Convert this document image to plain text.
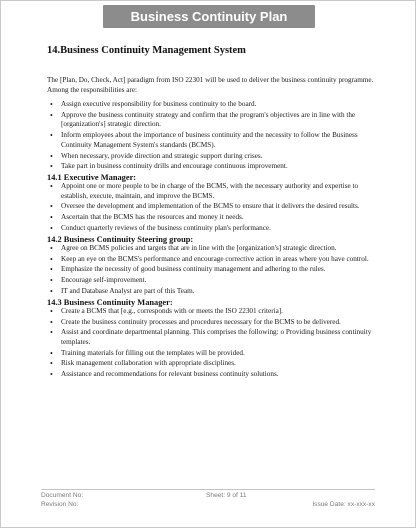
Business Continuity Plan
14.Business Continuity Management System

The [Plan, Do, Check, Act] paradigm from ISO 22301 will be used to deliver the business continuity programme. Among the responsibilities are:

• Assign executive responsibility for business continuity to the board.
• Approve the business continuity strategy and confirm that the program's objectives are in line with the [organization's] strategic direction.
• Inform employees about the importance of business continuity and the necessity to follow the Business Continuity Management System's standards (BCMS).
• When necessary, provide direction and strategic support during crises.
• Take part in business continuity drills and encourage continuous improvement.
14.1 Executive Manager:
• Appoint one or more people to be in charge of the BCMS, with the necessary authority and expertise to establish, execute, maintain, and improve the BCMS.
• Oversee the development and implementation of the BCMS to ensure that it delivers the desired results.
• Ascertain that the BCMS has the resources and money it needs.
• Conduct quarterly reviews of the business continuity plan's performance.
14.2 Business Continuity Steering group:
• Agree on BCMS policies and targets that are in line with the [organization's] strategic direction.
• Keep an eye on the BCMS's performance and encourage corrective action in areas where you have control.
• Emphasize the necessity of good business continuity management and adhering to the rules.
• Encourage self-improvement.
• IT and Database Analyst are part of this Team.
14.3 Business Continuity Manager:
• Create a BCMS that [e.g., corresponds with or meets the ISO 22301 criteria].
• Create the business continuity processes and procedures necessary for the BCMS to be delivered.
• Assist and coordinate departmental planning. This comprises the following: o Providing business continuity templates.
• Training materials for filling out the templates will be provided.
• Risk management collaboration with appropriate disciplines.
• Assistance and recommendations for relevant business continuity solutions.
Document No:	Sheet: 9 of 11
Revision No:	Issue Date: xx-xxx-xx
